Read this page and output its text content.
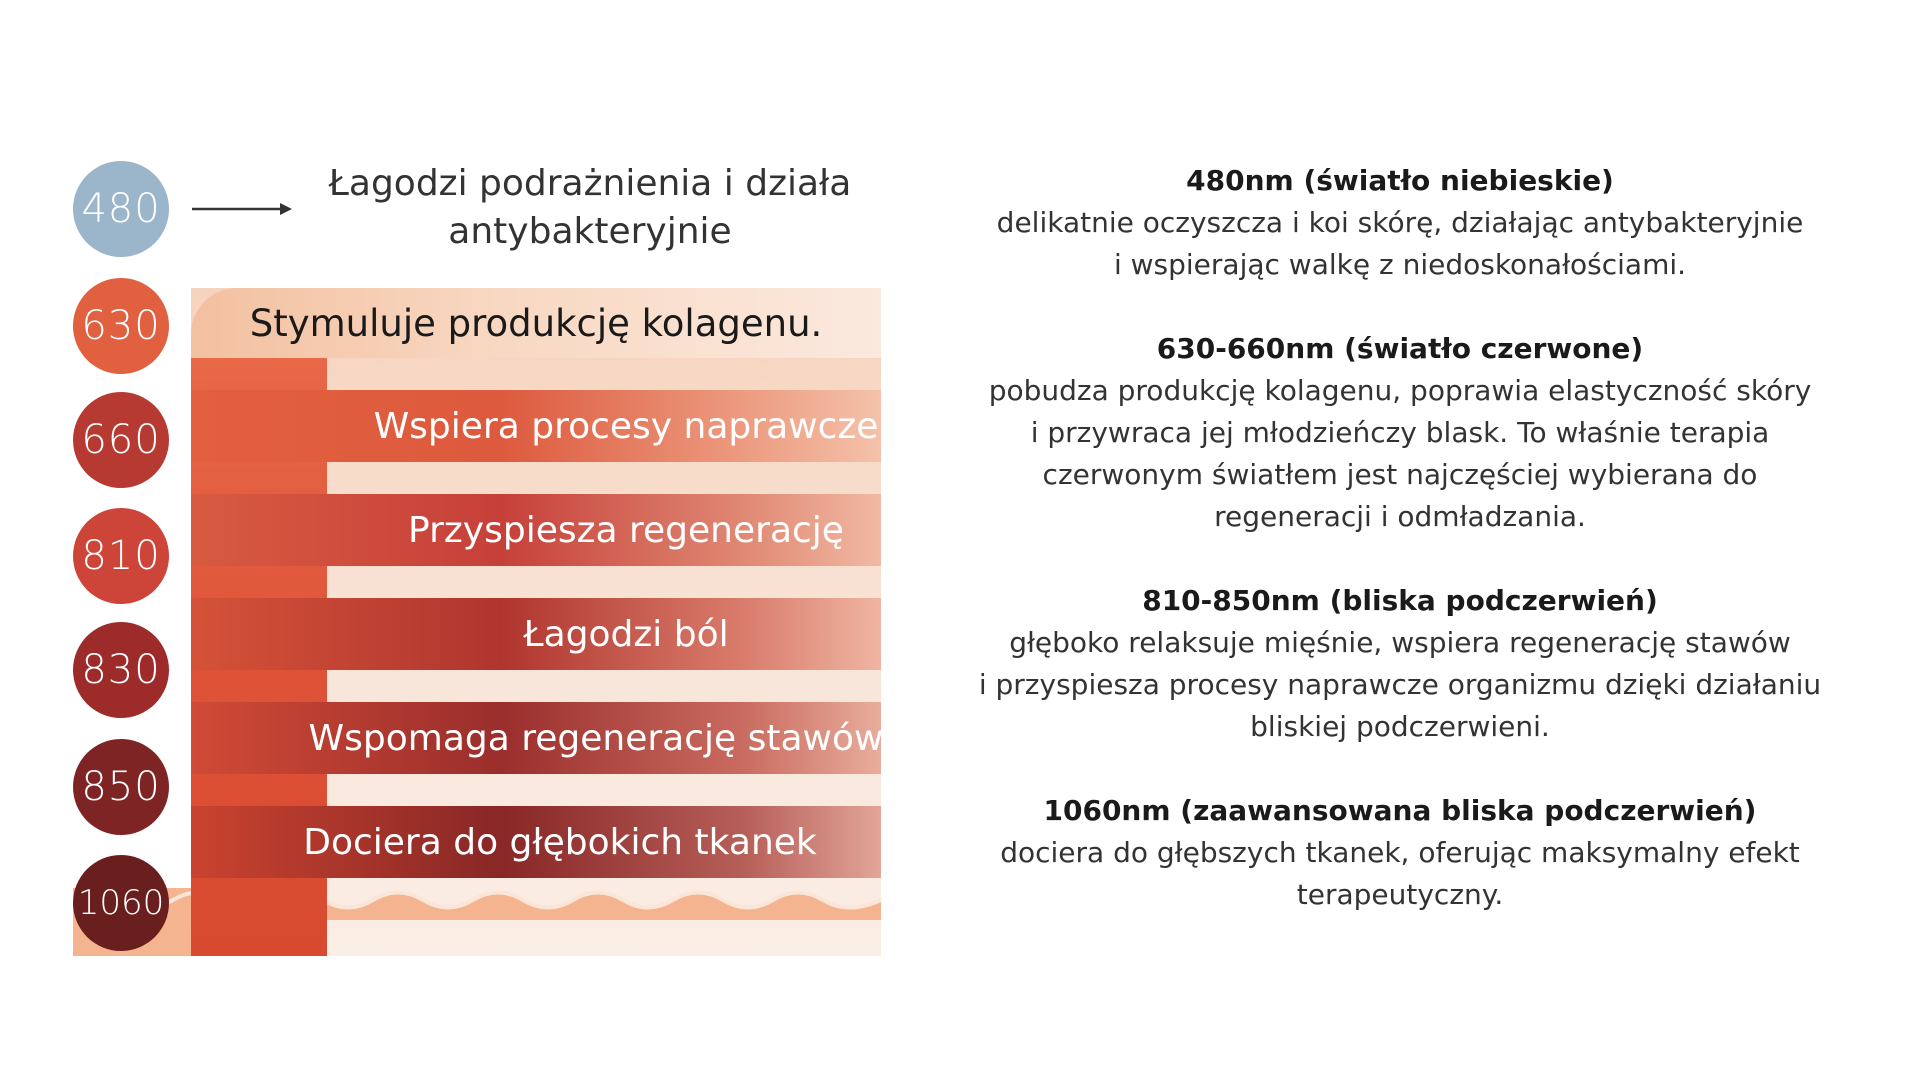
Stymuluje produkcję kolagenu.
Wspiera procesy naprawcze
Przyspiesza regenerację
Łagodzi ból
Wspomaga regenerację stawów
Dociera do głębokich tkanek
480
630
660
810
830
850
1060
Łagodzi podrażnienia i działa antybakteryjnie
480nm (światło niebieskie)

delikatnie oczyszcza i koi skórę, działając antybakteryjnie

i wspierając walkę z niedoskonałościami.

630-660nm (światło czerwone)

pobudza produkcję kolagenu, poprawia elastyczność skóry

i przywraca jej młodzieńczy blask. To właśnie terapia

czerwonym światłem jest najczęściej wybierana do

regeneracji i odmładzania.

810-850nm (bliska podczerwień)

głęboko relaksuje mięśnie, wspiera regenerację stawów

i przyspiesza procesy naprawcze organizmu dzięki działaniu

bliskiej podczerwieni.

1060nm (zaawansowana bliska podczerwień)

dociera do głębszych tkanek, oferując maksymalny efekt

terapeutyczny.
